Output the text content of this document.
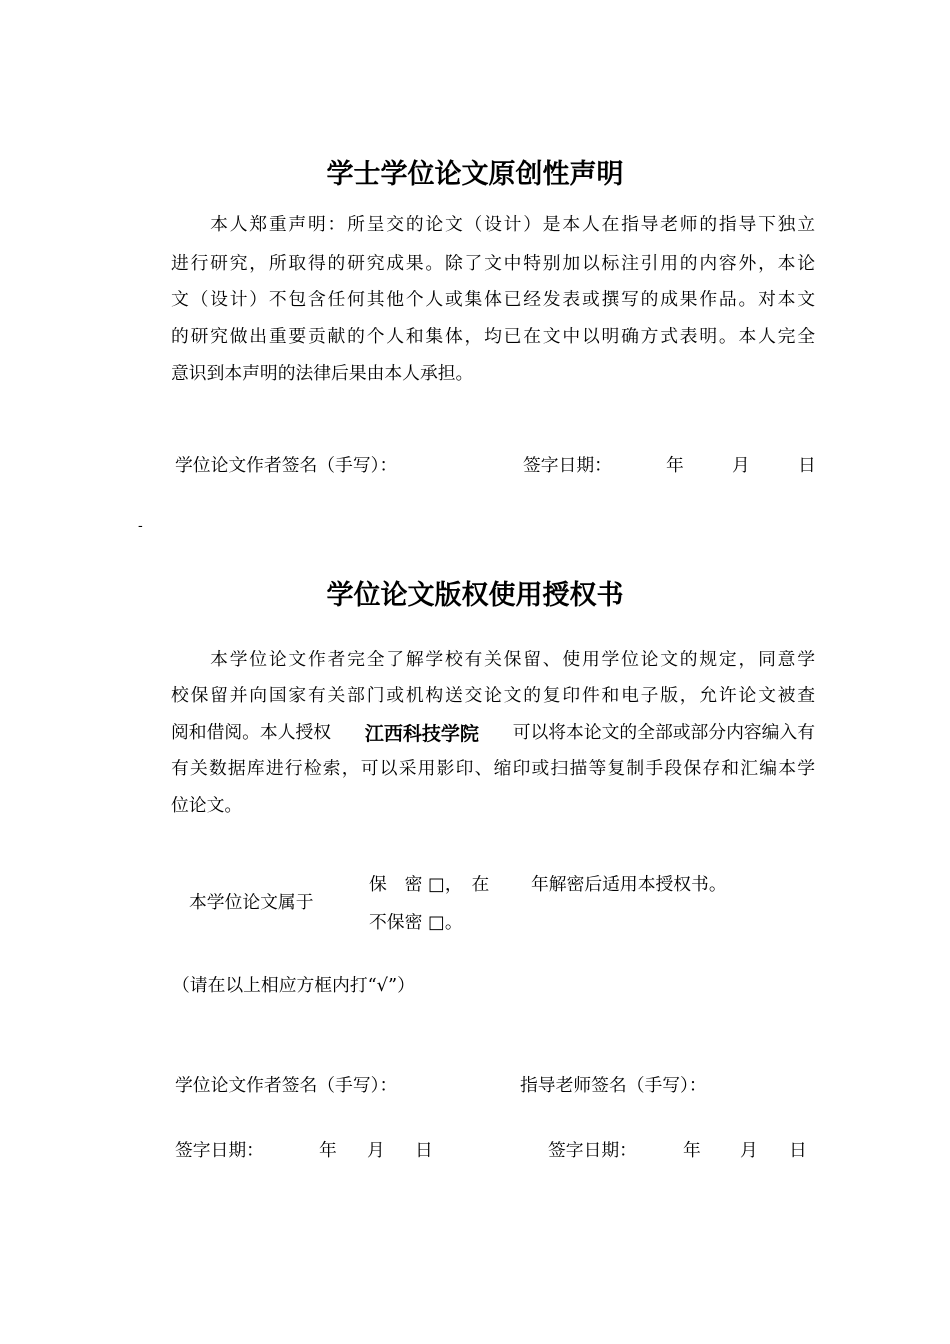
学士学位论文原创性声明
　　本人郑重声明：所呈交的论文（设计）是本人在指导老师的指导下独立
进行研究，所取得的研究成果。除了文中特别加以标注引用的内容外，本论
文（设计）不包含任何其他个人或集体已经发表或撰写的成果作品。对本文
的研究做出重要贡献的个人和集体，均已在文中以明确方式表明。本人完全
意识到本声明的法律后果由本人承担。
学位论文作者签名（手写）：	签字日期：	年	月	日
-
学位论文版权使用授权书
　　本学位论文作者完全了解学校有关保留、使用学位论文的规定，同意学
校保留并向国家有关部门或机构送交论文的复印件和电子版，允许论文被查
阅和借阅。本人授权 江西科技学院 可以将本论文的全部或部分内容编入有
有关数据库进行检索，可以采用影印、缩印或扫描等复制手段保存和汇编本学
位论文。
本学位论文属于
保　密 □，　在 年解密后适用本授权书。
不保密 □。
（请在以上相应方框内打“√”）
学位论文作者签名（手写）：	指导老师签名（手写）：
签字日期：	年 月 日	签字日期：	年 月 日
